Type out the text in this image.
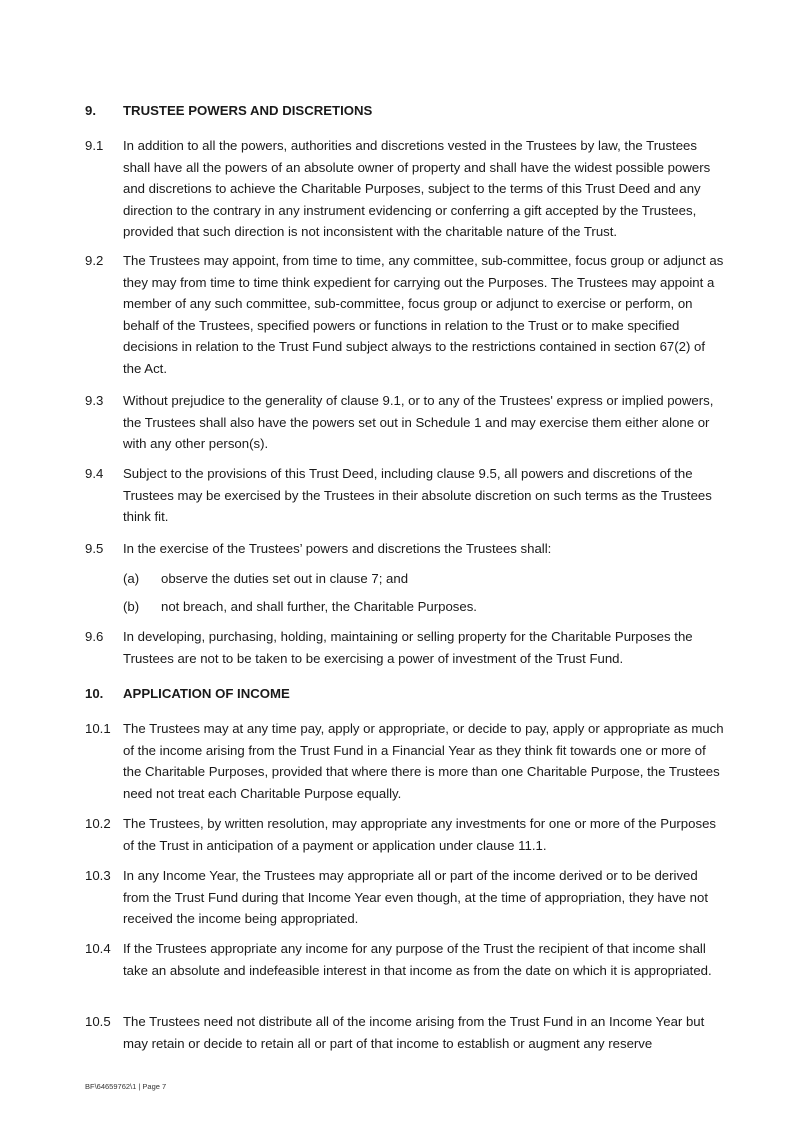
9. TRUSTEE POWERS AND DISCRETIONS
9.1 In addition to all the powers, authorities and discretions vested in the Trustees by law, the Trustees shall have all the powers of an absolute owner of property and shall have the widest possible powers and discretions to achieve the Charitable Purposes, subject to the terms of this Trust Deed and any direction to the contrary in any instrument evidencing or conferring a gift accepted by the Trustees, provided that such direction is not inconsistent with the charitable nature of the Trust.
9.2 The Trustees may appoint, from time to time, any committee, sub-committee, focus group or adjunct as they may from time to time think expedient for carrying out the Purposes. The Trustees may appoint a member of any such committee, sub-committee, focus group or adjunct to exercise or perform, on behalf of the Trustees, specified powers or functions in relation to the Trust or to make specified decisions in relation to the Trust Fund subject always to the restrictions contained in section 67(2) of the Act.
9.3 Without prejudice to the generality of clause 9.1, or to any of the Trustees' express or implied powers, the Trustees shall also have the powers set out in Schedule 1 and may exercise them either alone or with any other person(s).
9.4 Subject to the provisions of this Trust Deed, including clause 9.5, all powers and discretions of the Trustees may be exercised by the Trustees in their absolute discretion on such terms as the Trustees think fit.
9.5 In the exercise of the Trustees’ powers and discretions the Trustees shall:
(a) observe the duties set out in clause 7; and
(b) not breach, and shall further, the Charitable Purposes.
9.6 In developing, purchasing, holding, maintaining or selling property for the Charitable Purposes the Trustees are not to be taken to be exercising a power of investment of the Trust Fund.
10. APPLICATION OF INCOME
10.1 The Trustees may at any time pay, apply or appropriate, or decide to pay, apply or appropriate as much of the income arising from the Trust Fund in a Financial Year as they think fit towards one or more of the Charitable Purposes, provided that where there is more than one Charitable Purpose, the Trustees need not treat each Charitable Purpose equally.
10.2 The Trustees, by written resolution, may appropriate any investments for one or more of the Purposes of the Trust in anticipation of a payment or application under clause 11.1.
10.3 In any Income Year, the Trustees may appropriate all or part of the income derived or to be derived from the Trust Fund during that Income Year even though, at the time of appropriation, they have not received the income being appropriated.
10.4 If the Trustees appropriate any income for any purpose of the Trust the recipient of that income shall take an absolute and indefeasible interest in that income as from the date on which it is appropriated.
10.5 The Trustees need not distribute all of the income arising from the Trust Fund in an Income Year but may retain or decide to retain all or part of that income to establish or augment any reserve
BF\64659762\1 | Page 7
